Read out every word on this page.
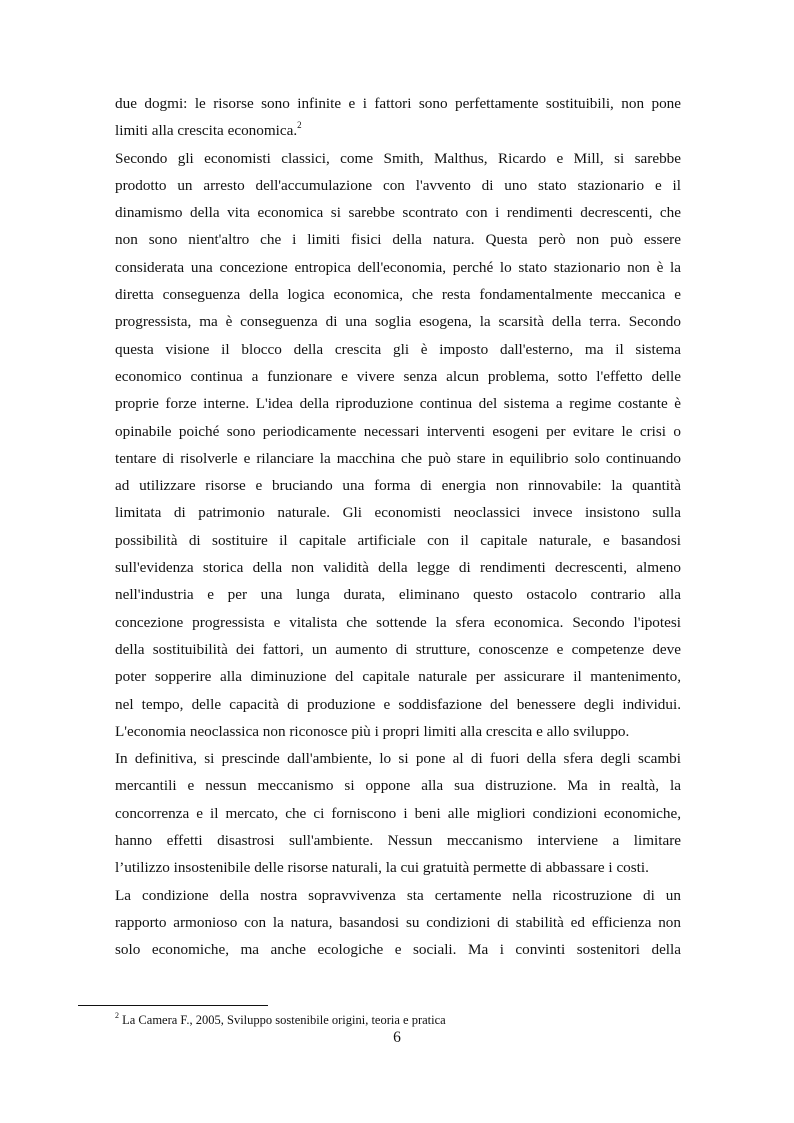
due dogmi: le risorse sono infinite e i fattori sono perfettamente sostituibili, non pone
limiti alla crescita economica.$^2$
Secondo gli economisti classici, come Smith, Malthus, Ricardo e Mill, si sarebbe
prodotto un arresto dell'accumulazione con l'avvento di uno stato stazionario e il
dinamismo della vita economica si sarebbe scontrato con i rendimenti decrescenti, che
non sono nient'altro che i limiti fisici della natura. Questa però non può essere
considerata una concezione entropica dell'economia, perché lo stato stazionario non è la
diretta conseguenza della logica economica, che resta fondamentalmente meccanica e
progressista, ma è conseguenza di una soglia esogena, la scarsità della terra. Secondo
questa visione il blocco della crescita gli è imposto dall'esterno, ma il sistema
economico continua a funzionare e vivere senza alcun problema, sotto l'effetto delle
proprie forze interne. L'idea della riproduzione continua del sistema a regime costante è
opinabile poiché sono periodicamente necessari interventi esogeni per evitare le crisi o
tentare di risolverle e rilanciare la macchina che può stare in equilibrio solo continuando
ad utilizzare risorse e bruciando una forma di energia non rinnovabile: la quantità
limitata di patrimonio naturale. Gli economisti neoclassici invece insistono sulla
possibilità di sostituire il capitale artificiale con il capitale naturale, e basandosi
sull'evidenza storica della non validità della legge di rendimenti decrescenti, almeno
nell'industria e per una lunga durata, eliminano questo ostacolo contrario alla
concezione progressista e vitalista che sottende la sfera economica. Secondo l'ipotesi
della sostituibilità dei fattori, un aumento di strutture, conoscenze e competenze deve
poter sopperire alla diminuzione del capitale naturale per assicurare il mantenimento,
nel tempo, delle capacità di produzione e soddisfazione del benessere degli individui.
L'economia neoclassica non riconosce più i propri limiti alla crescita e allo sviluppo.
In definitiva, si prescinde dall'ambiente, lo si pone al di fuori della sfera degli scambi
mercantili e nessun meccanismo si oppone alla sua distruzione. Ma in realtà, la
concorrenza e il mercato, che ci forniscono i beni alle migliori condizioni economiche,
hanno effetti disastrosi sull'ambiente. Nessun meccanismo interviene a limitare
l’utilizzo insostenibile delle risorse naturali, la cui gratuità permette di abbassare i costi.
La condizione della nostra sopravvivenza sta certamente nella ricostruzione di un
rapporto armonioso con la natura, basandosi su condizioni di stabilità ed efficienza non
solo economiche, ma anche ecologiche e sociali. Ma i convinti sostenitori della
$^2$ La Camera F., 2005, Sviluppo sostenibile origini, teoria e pratica
6
